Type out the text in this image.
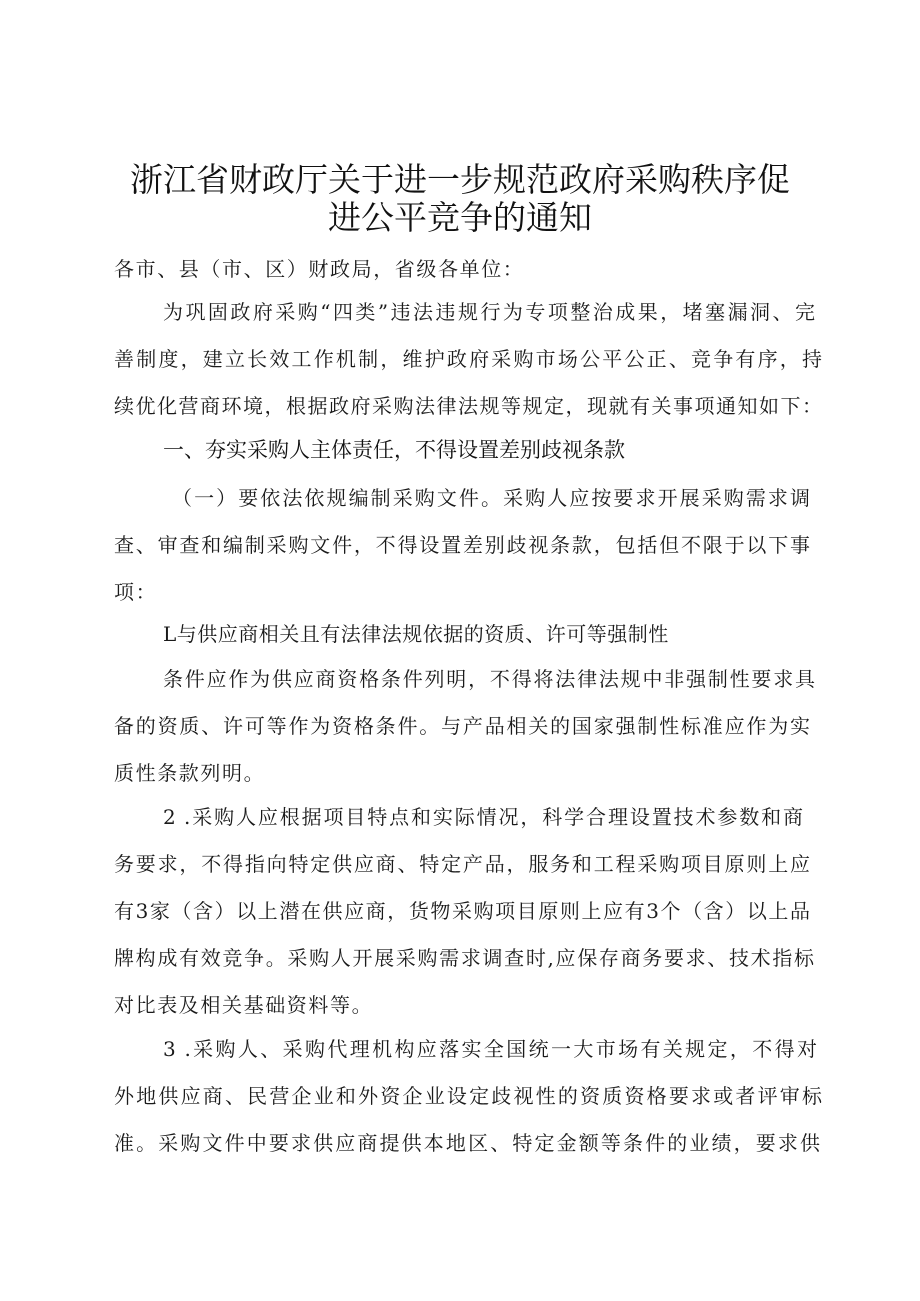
浙江省财政厅关于进一步规范政府采购秩序促
进公平竞争的通知
各市、县（市、区）财政局，省级各单位：
为巩固政府采购“四类”违法违规行为专项整治成果，堵塞漏洞、完
善制度，建立长效工作机制，维护政府采购市场公平公正、竞争有序，持
续优化营商环境，根据政府采购法律法规等规定，现就有关事项通知如下：
一、夯实采购人主体责任，不得设置差别歧视条款
（一）要依法依规编制采购文件。采购人应按要求开展采购需求调
查、审查和编制采购文件，不得设置差别歧视条款，包括但不限于以下事
项：
L与供应商相关且有法律法规依据的资质、许可等强制性
条件应作为供应商资格条件列明，不得将法律法规中非强制性要求具
备的资质、许可等作为资格条件。与产品相关的国家强制性标准应作为实
质性条款列明。
2 .采购人应根据项目特点和实际情况，科学合理设置技术参数和商
务要求，不得指向特定供应商、特定产品，服务和工程采购项目原则上应
有3家（含）以上潜在供应商，货物采购项目原则上应有3个（含）以上品
牌构成有效竞争。采购人开展采购需求调查时,应保存商务要求、技术指标
对比表及相关基础资料等。
3 .采购人、采购代理机构应落实全国统一大市场有关规定，不得对
外地供应商、民营企业和外资企业设定歧视性的资质资格要求或者评审标
准。采购文件中要求供应商提供本地区、特定金额等条件的业绩，要求供
